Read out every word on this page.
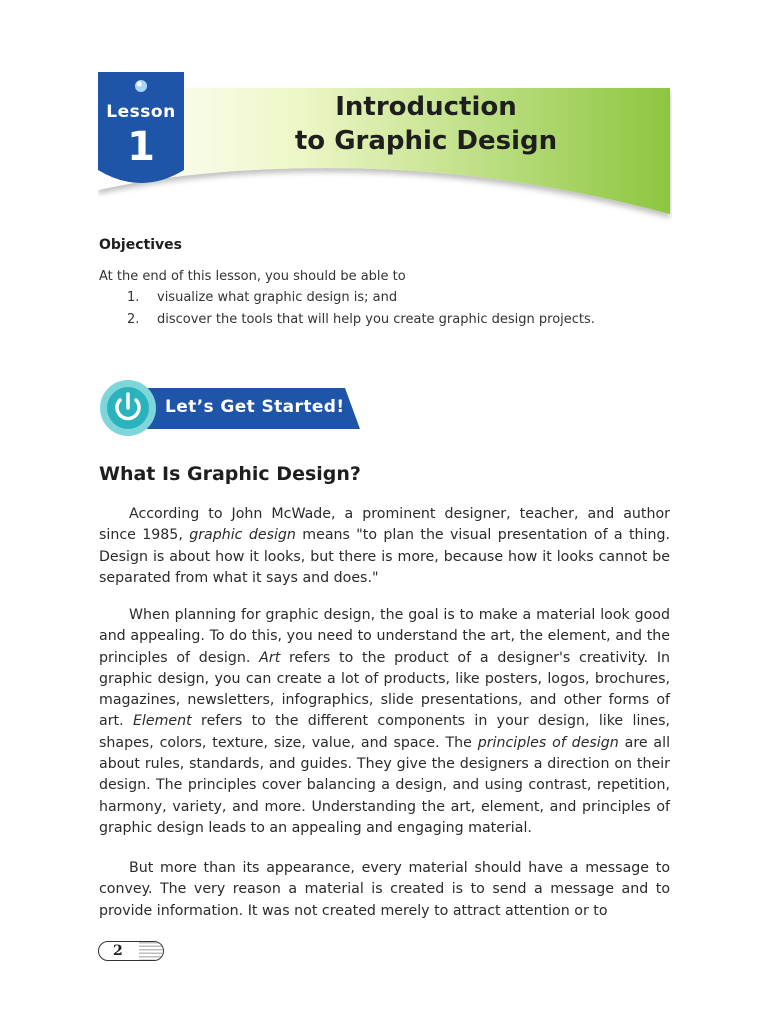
Lesson
1
Introduction
to Graphic Design
Objectives
At the end of this lesson, you should be able to
1.	visualize what graphic design is; and
2.	discover the tools that will help you create graphic design projects.
Let’s Get Started!
What Is Graphic Design?

According to John McWade, a prominent designer, teacher, and author since 1985, graphic design means "to plan the visual presentation of a thing. Design is about how it looks, but there is more, because how it looks cannot be separated from what it says and does."

When planning for graphic design, the goal is to make a material look good and appealing. To do this, you need to understand the art, the element, and the principles of design. Art refers to the product of a designer's creativity. In graphic design, you can create a lot of products, like posters, logos, brochures, magazines, newsletters, infographics, slide presentations, and other forms of art. Element refers to the different components in your design, like lines, shapes, colors, texture, size, value, and space. The principles of design are all about rules, standards, and guides. They give the designers a direction on their design. The principles cover balancing a design, and using contrast, repetition, harmony, variety, and more. Understanding the art, element, and principles of graphic design leads to an appealing and engaging material.

But more than its appearance, every material should have a message to convey. The very reason a material is created is to send a message and to provide information. It was not created merely to attract attention or to

2
